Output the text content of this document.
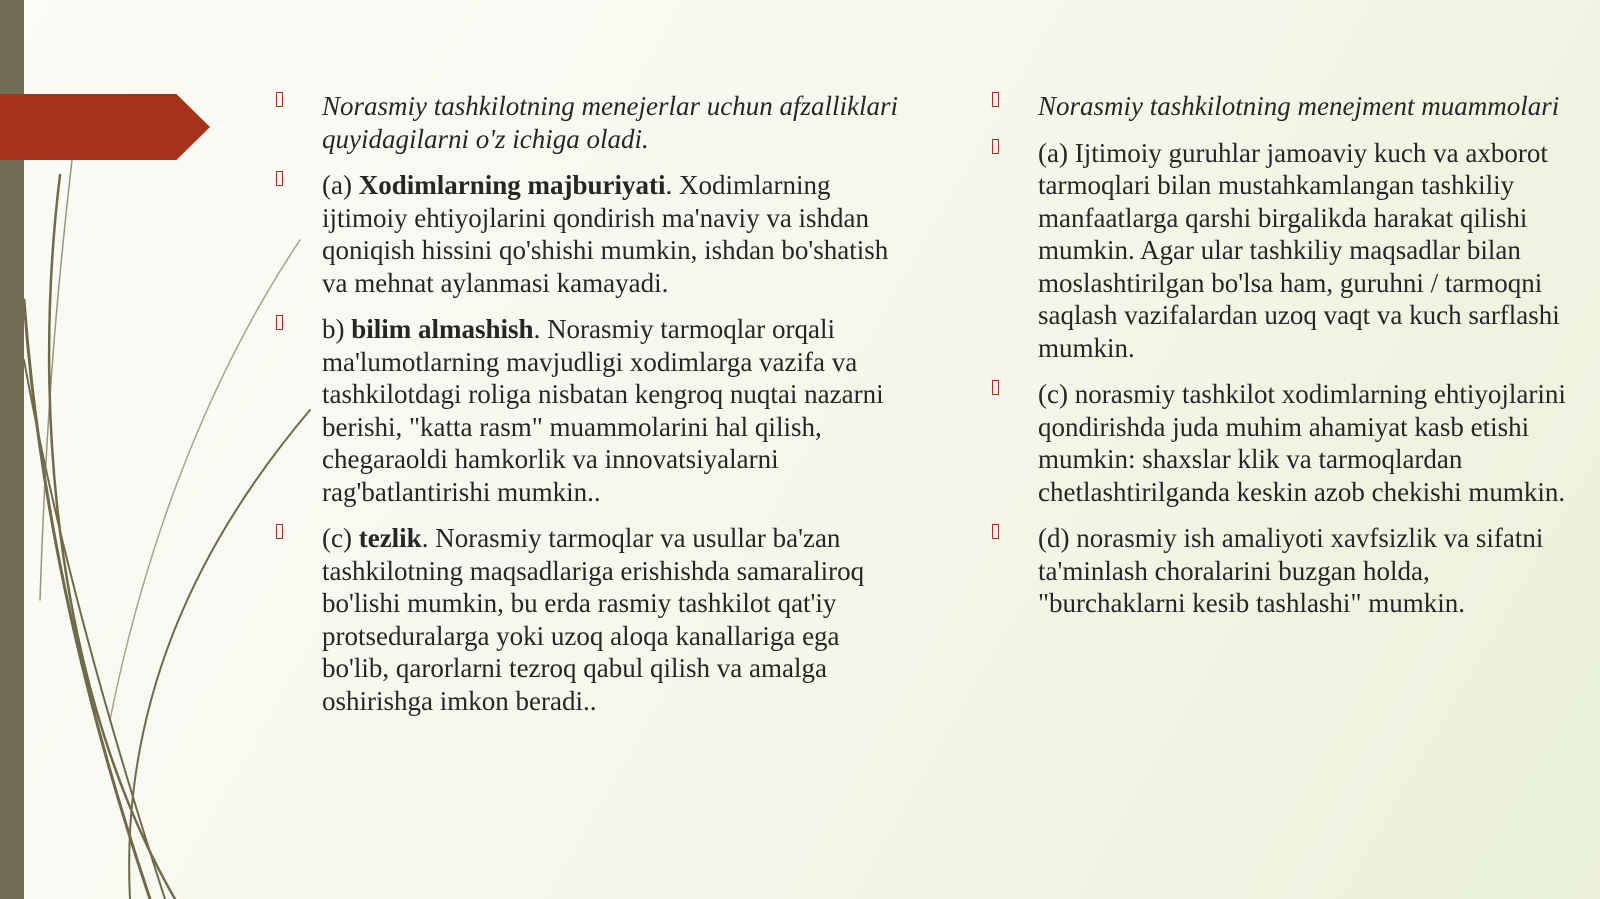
Norasmiy tashkilotning menejerlar uchun afzalliklari quyidagilarni o'z ichiga oladi.

(a) Xodimlarning majburiyati. Xodimlarning ijtimoiy ehtiyojlarini qondirish ma'naviy va ishdan qoniqish hissini qo'shishi mumkin, ishdan bo'shatish va mehnat aylanmasi kamayadi.

b) bilim almashish. Norasmiy tarmoqlar orqali ma'lumotlarning mavjudligi xodimlarga vazifa va tashkilotdagi roliga nisbatan kengroq nuqtai nazarni berishi, "katta rasm" muammolarini hal qilish, chegaraoldi hamkorlik va innovatsiyalarni rag'batlantirishi mumkin..

(c) tezlik. Norasmiy tarmoqlar va usullar ba'zan tashkilotning maqsadlariga erishishda samaraliroq bo'lishi mumkin, bu erda rasmiy tashkilot qat'iy protseduralarga yoki uzoq aloqa kanallariga ega bo'lib, qarorlarni tezroq qabul qilish va amalga oshirishga imkon beradi..

Norasmiy tashkilotning menejment muammolari

(a) Ijtimoiy guruhlar jamoaviy kuch va axborot tarmoqlari bilan mustahkamlangan tashkiliy manfaatlarga qarshi birgalikda harakat qilishi mumkin. Agar ular tashkiliy maqsadlar bilan moslashtirilgan bo'lsa ham, guruhni / tarmoqni saqlash vazifalardan uzoq vaqt va kuch sarflashi mumkin.

(c) norasmiy tashkilot xodimlarning ehtiyojlarini qondirishda juda muhim ahamiyat kasb etishi mumkin: shaxslar klik va tarmoqlardan chetlashtirilganda keskin azob chekishi mumkin.

(d) norasmiy ish amaliyoti xavfsizlik va sifatni ta'minlash choralarini buzgan holda, "burchaklarni kesib tashlashi" mumkin.
